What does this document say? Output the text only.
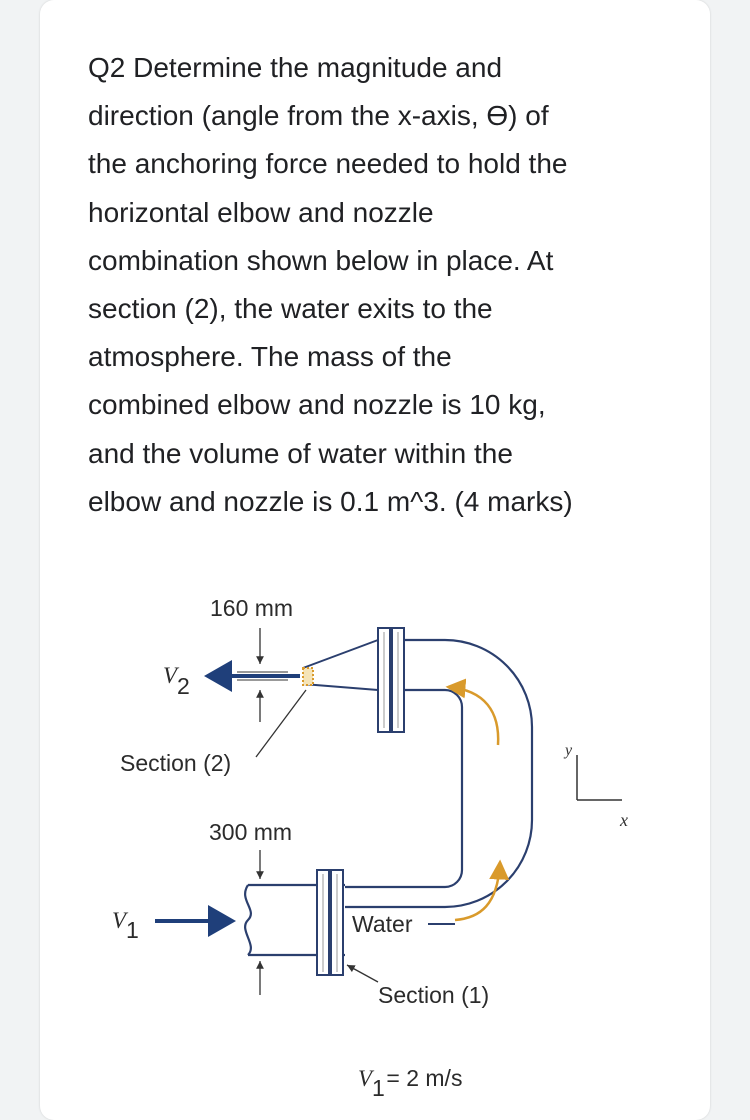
Q2 Determine the magnitude and
direction (angle from the x-axis, ϴ) of
the anchoring force needed to hold the
horizontal elbow and nozzle
combination shown below in place. At
section (2), the water exits to the
atmosphere. The mass of the
combined elbow and nozzle is 10 kg,
and the volume of water within the
elbow and nozzle is 0.1 m^3. (4 marks)
y
x
160 mm
Section (2)
300 mm
Water
Section (1)
V 2
V 1
V 1
= 2 m/s
